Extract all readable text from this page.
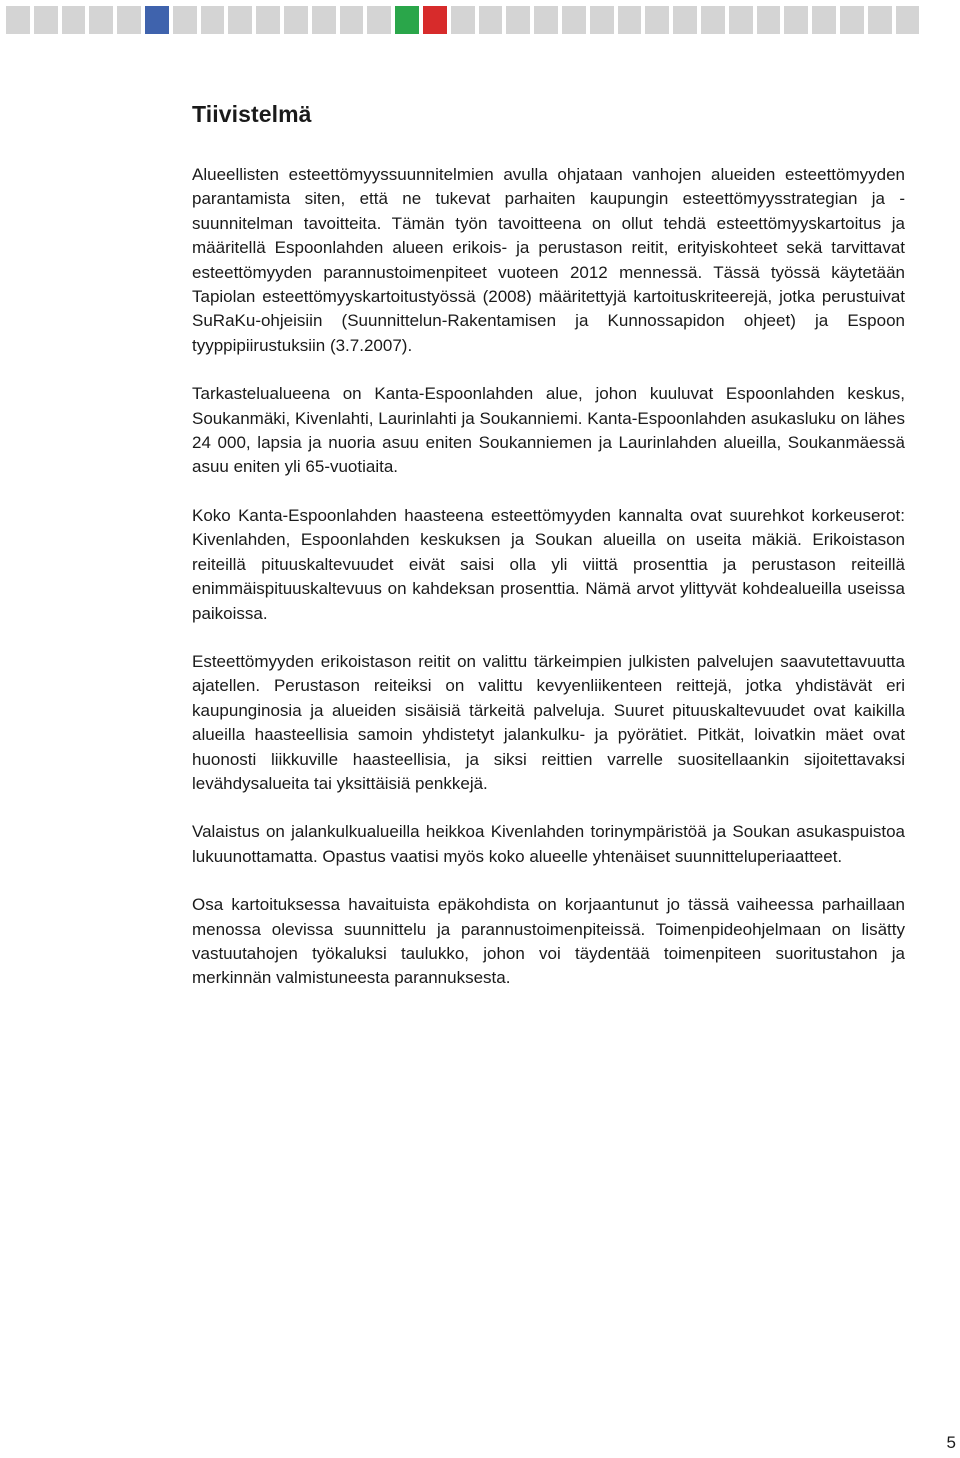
Tiivistelmä

Alueellisten esteettömyyssuunnitelmien avulla ohjataan vanhojen alueiden esteettömyyden parantamista siten, että ne tukevat parhaiten kaupungin esteettömyysstrategian ja -suunnitelman tavoitteita. Tämän työn tavoitteena on ollut tehdä esteettömyyskartoitus ja määritellä Espoonlahden alueen erikois- ja perustason reitit, erityiskohteet sekä tarvittavat esteettömyyden parannustoimenpiteet vuoteen 2012 mennessä. Tässä työssä käytetään Tapiolan esteettömyyskartoitustyössä (2008) määritettyjä kartoituskriteerejä, jotka perustuivat SuRaKu-ohjeisiin (Suunnittelun-Rakentamisen ja Kunnossapidon ohjeet) ja Espoon tyyppipiirustuksiin (3.7.2007).

Tarkastelualueena on Kanta-Espoonlahden alue, johon kuuluvat Espoonlahden keskus, Soukanmäki, Kivenlahti, Laurinlahti ja Soukanniemi. Kanta-Espoonlahden asukasluku on lähes 24 000, lapsia ja nuoria asuu eniten Soukanniemen ja Laurinlahden alueilla, Soukanmäessä asuu eniten yli 65-vuotiaita.

Koko Kanta-Espoonlahden haasteena esteettömyyden kannalta ovat suurehkot korkeuserot: Kivenlahden, Espoonlahden keskuksen ja Soukan alueilla on useita mäkiä. Erikoistason reiteillä pituuskaltevuudet eivät saisi olla yli viittä prosenttia ja perustason reiteillä enimmäispituuskaltevuus on kahdeksan prosenttia. Nämä arvot ylittyvät kohdealueilla useissa paikoissa.

Esteettömyyden erikoistason reitit on valittu tärkeimpien julkisten palvelujen saavutettavuutta ajatellen. Perustason reiteiksi on valittu kevyenliikenteen reittejä, jotka yhdistävät eri kaupunginosia ja alueiden sisäisiä tärkeitä palveluja. Suuret pituuskaltevuudet ovat kaikilla alueilla haasteellisia samoin yhdistetyt jalankulku- ja pyörätiet. Pitkät, loivatkin mäet ovat huonosti liikkuville haasteellisia, ja siksi reittien varrelle suositellaankin sijoitettavaksi levähdysalueita tai yksittäisiä penkkejä.

Valaistus on jalankulkualueilla heikkoa Kivenlahden torinympäristöä ja Soukan asukaspuistoa lukuunottamatta. Opastus vaatisi myös koko alueelle yhtenäiset suunnitteluperiaatteet.

Osa kartoituksessa havaituista epäkohdista on korjaantunut jo tässä vaiheessa parhaillaan menossa olevissa suunnittelu ja parannustoimenpiteissä. Toimenpideohjelmaan on lisätty vastuutahojen työkaluksi taulukko, johon voi täydentää toimenpiteen suoritustahon ja merkinnän valmistuneesta parannuksesta.

5
